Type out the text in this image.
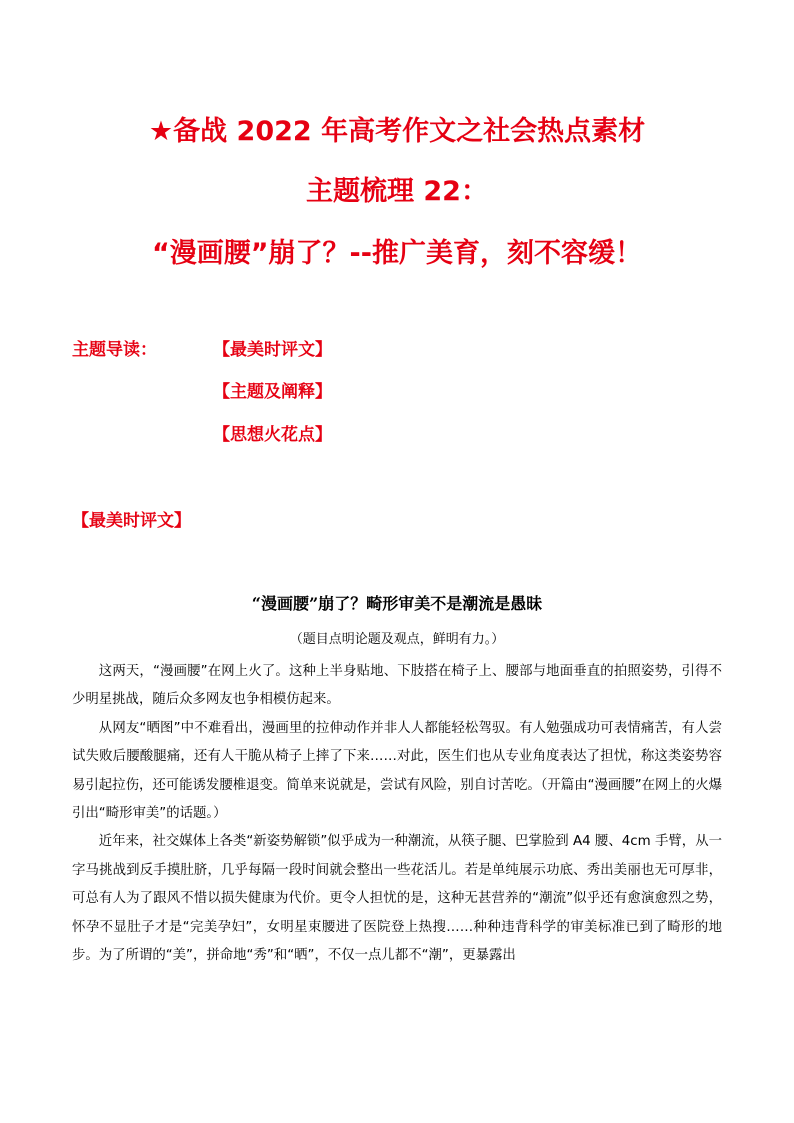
★备战 2022 年高考作文之社会热点素材
主题梳理 22：
“漫画腰”崩了？--推广美育，刻不容缓！
主题导读：	【最美时评文】
【主题及阐释】
【思想火花点】
【最美时评文】
“漫画腰”崩了？畸形审美不是潮流是愚昧
（题目点明论题及观点，鲜明有力。）

这两天，“漫画腰”在网上火了。这种上半身贴地、下肢搭在椅子上、腰部与地面垂直的拍照姿势，引得不少明星挑战，随后众多网友也争相模仿起来。

从网友“晒图”中不难看出，漫画里的拉伸动作并非人人都能轻松驾驭。有人勉强成功可表情痛苦，有人尝试失败后腰酸腿痛，还有人干脆从椅子上摔了下来……对此，医生们也从专业角度表达了担忧，称这类姿势容易引起拉伤，还可能诱发腰椎退变。简单来说就是，尝试有风险，别自讨苦吃。（开篇由“漫画腰”在网上的火爆引出“畸形审美”的话题。）

近年来，社交媒体上各类“新姿势解锁”似乎成为一种潮流，从筷子腿、巴掌脸到 A4 腰、4cm 手臂，从一字马挑战到反手摸肚脐，几乎每隔一段时间就会整出一些花活儿。若是单纯展示功底、秀出美丽也无可厚非，可总有人为了跟风不惜以损失健康为代价。更令人担忧的是，这种无甚营养的“潮流”似乎还有愈演愈烈之势，怀孕不显肚子才是“完美孕妇”，女明星束腰进了医院登上热搜……种种违背科学的审美标准已到了畸形的地步。为了所谓的“美”，拼命地“秀”和“晒”，不仅一点儿都不“潮”，更暴露出
